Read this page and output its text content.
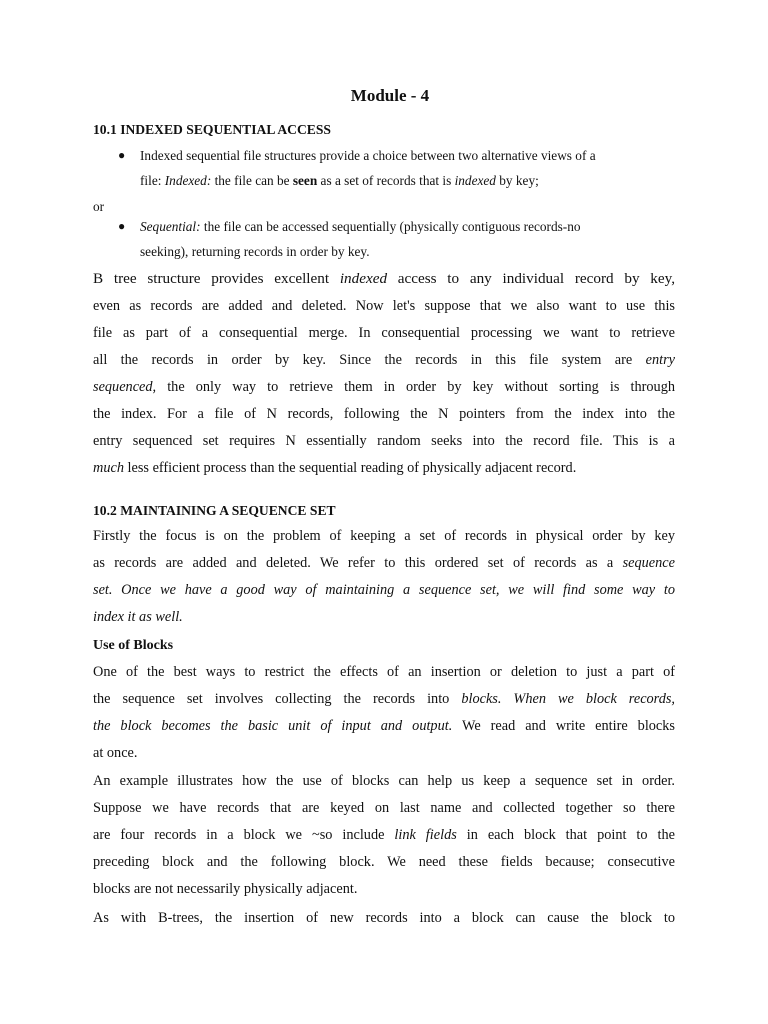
Module - 4
10.1 INDEXED SEQUENTIAL ACCESS
● Indexed sequential file structures provide a choice between two alternative views of a
file: Indexed: the file can be seen as a set of records that is indexed by key;
or
● Sequential: the file can be accessed sequentially (physically contiguous records-no
seeking), returning records in order by key.
B tree structure provides excellent indexed access to any individual record by key,
even as records are added and deleted. Now let's suppose that we also want to use this
file as part of a consequential merge. In consequential processing we want to retrieve
all the records in order by key. Since the records in this file system are entry
sequenced, the only way to retrieve them in order by key without sorting is through
the index. For a file of N records, following the N pointers from the index into the
entry sequenced set requires N essentially random seeks into the record file. This is a
much less efficient process than the sequential reading of physically adjacent record.
10.2 MAINTAINING A SEQUENCE SET
Firstly the focus is on the problem of keeping a set of records in physical order by key
as records are added and deleted. We refer to this ordered set of records as a sequence
set. Once we have a good way of maintaining a sequence set, we will find some way to
index it as well.
Use of Blocks
One of the best ways to restrict the effects of an insertion or deletion to just a part of
the sequence set involves collecting the records into blocks. When we block records,
the block becomes the basic unit of input and output. We read and write entire blocks
at once.
An example illustrates how the use of blocks can help us keep a sequence set in order.
Suppose we have records that are keyed on last name and collected together so there
are four records in a block we ~so include link fields in each block that point to the
preceding block and the following block. We need these fields because; consecutive
blocks are not necessarily physically adjacent.
As with B-trees, the insertion of new records into a block can cause the block to
